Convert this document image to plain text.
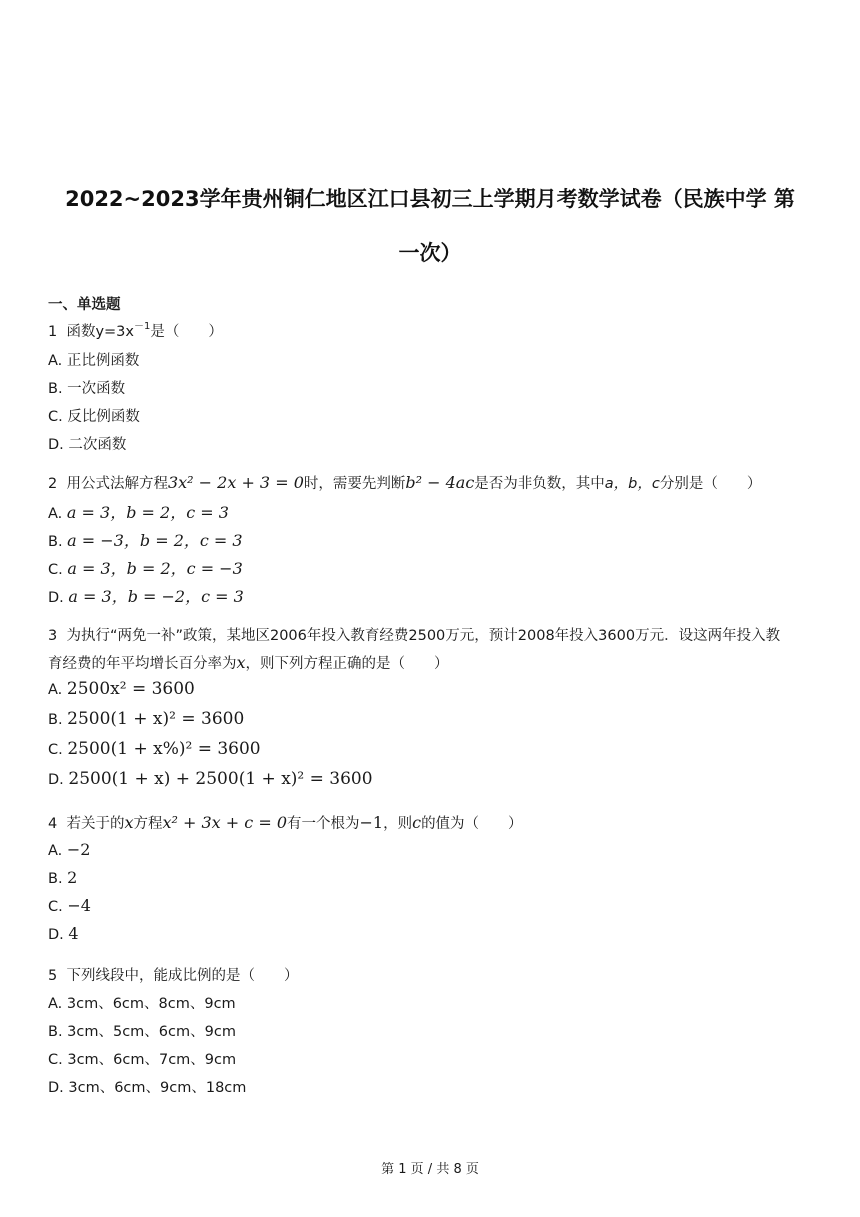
2022~2023学年贵州铜仁地区江口县初三上学期月考数学试卷（民族中学 第
一次）
一、单选题
1 函数$y=3x^{-1}$是（　　）
A. 正比例函数
B. 一次函数
C. 反比例函数
D. 二次函数
2 用公式法解方程3x² − 2x + 3 = 0时，需要先判断b² − 4ac是否为非负数，其中a，b，c分别是（　　）
A. a = 3，b = 2，c = 3
B. a = −3，b = 2，c = 3
C. a = 3，b = 2，c = −3
D. a = 3，b = −2，c = 3
3 为执行“两免一补”政策，某地区2006年投入教育经费2500万元，预计2008年投入3600万元．设这两年投入教
育经费的年平均增长百分率为x，则下列方程正确的是（　　）
A. 2500x² = 3600
B. 2500(1 + x)² = 3600
C. 2500(1 + x%)² = 3600
D. 2500(1 + x) + 2500(1 + x)² = 3600
4 若关于的x方程x² + 3x + c = 0有一个根为−1，则c的值为（　　）
A. −2
B. 2
C. −4
D. 4
5 下列线段中，能成比例的是（　　）
A. 3cm、6cm、8cm、9cm
B. 3cm、5cm、6cm、9cm
C. 3cm、6cm、7cm、9cm
D. 3cm、6cm、9cm、18cm
第 1 页 / 共 8 页
